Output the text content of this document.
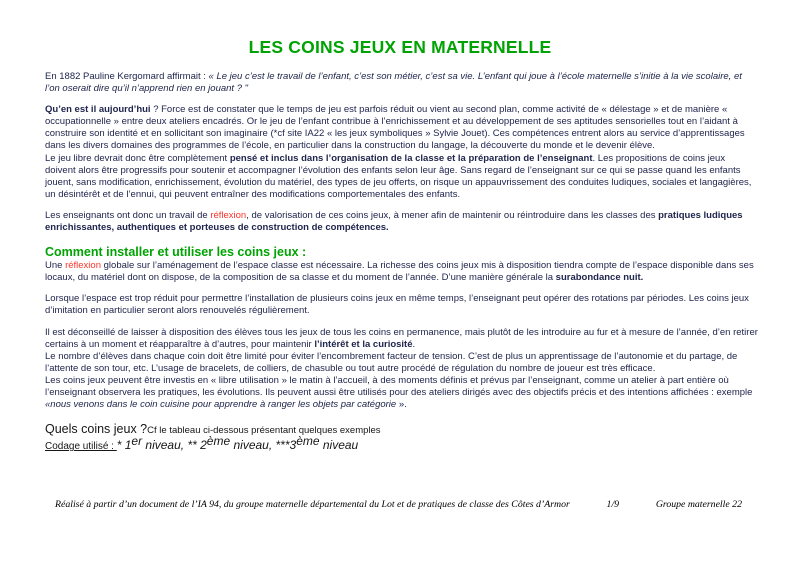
LES COINS JEUX EN MATERNELLE
En 1882 Pauline Kergomard affirmait : « Le jeu c’est le travail de l’enfant, c’est son métier, c’est sa vie. L’enfant qui joue à l’école maternelle s’initie à la vie scolaire, et l’on oserait dire qu’il n’apprend rien en jouant ? "
Qu’en est il aujourd’hui ? Force est de constater que le temps de jeu est parfois réduit ou vient au second plan, comme activité de « délestage » et de manière « occupationnelle » entre deux ateliers encadrés. Or le jeu de l’enfant contribue à l’enrichissement et au développement de ses aptitudes sensorielles tout en l’aidant à construire son identité et en sollicitant son imaginaire (*cf site IA22 « les jeux symboliques » Sylvie Jouet). Ces compétences entrent alors au service d’apprentissages dans les divers domaines des programmes de l’école, en particulier dans la construction du langage, la découverte du monde et le devenir élève.
Le jeu libre devrait donc être complètement pensé et inclus dans l’organisation de la classe et la préparation de l’enseignant. Les propositions de coins jeux doivent alors être progressifs pour soutenir et accompagner l’évolution des enfants selon leur âge. Sans regard de l’enseignant sur ce qui se passe quand les enfants jouent, sans modification, enrichissement, évolution du matériel, des types de jeu offerts, on risque un appauvrissement des conduites ludiques, sociales et langagières, un désintérêt et de l’ennui, qui peuvent entraîner des modifications comportementales des enfants.
Les enseignants ont donc un travail de réflexion, de valorisation de ces coins jeux, à mener afin de maintenir ou réintroduire dans les classes des pratiques ludiques enrichissantes, authentiques et porteuses de construction de compétences.
Comment installer et utiliser les coins jeux :
Une réflexion globale sur l’aménagement de l’espace classe est nécessaire. La richesse des coins jeux mis à disposition tiendra compte de l’espace disponible dans ses locaux, du matériel dont on dispose, de la composition de sa classe et du moment de l’année. D’une manière générale la surabondance nuit.
Lorsque l’espace est trop réduit pour permettre l’installation de plusieurs coins jeux en même temps, l’enseignant peut opérer des rotations par périodes. Les coins jeux d’imitation en particulier seront alors renouvelés régulièrement.
Il est déconseillé de laisser à disposition des élèves tous les jeux de tous les coins en permanence, mais plutôt de les introduire au fur et à mesure de l’année, d’en retirer certains à un moment et réapparaître à d’autres, pour maintenir l’intérêt et la curiosité.
Le nombre d’élèves dans chaque coin doit être limité pour éviter l’encombrement facteur de tension. C’est de plus un apprentissage de l’autonomie et du partage, de l’attente de son tour, etc. L’usage de bracelets, de colliers, de chasuble ou tout autre procédé de régulation du nombre de joueur est très efficace.
Les coins jeux peuvent être investis en « libre utilisation » le matin à l’accueil, à des moments définis et prévus par l’enseignant, comme un atelier à part entière où l’enseignant observera les pratiques, les évolutions. Ils peuvent aussi être utilisés pour des ateliers dirigés avec des objectifs précis et des intentions affichées : exemple «nous venons dans le coin cuisine pour apprendre à ranger les objets par catégorie ».
Quels coins jeux ?Cf le tableau ci-dessous présentant quelques exemples
Codage utilisé : * 1er niveau, ** 2ème niveau, ***3ème niveau
Réalisé à partir d’un document de l’IA 94, du groupe maternelle départemental du Lot et de pratiques de classe des Côtes d’Armor	1/9	Groupe maternelle 22
